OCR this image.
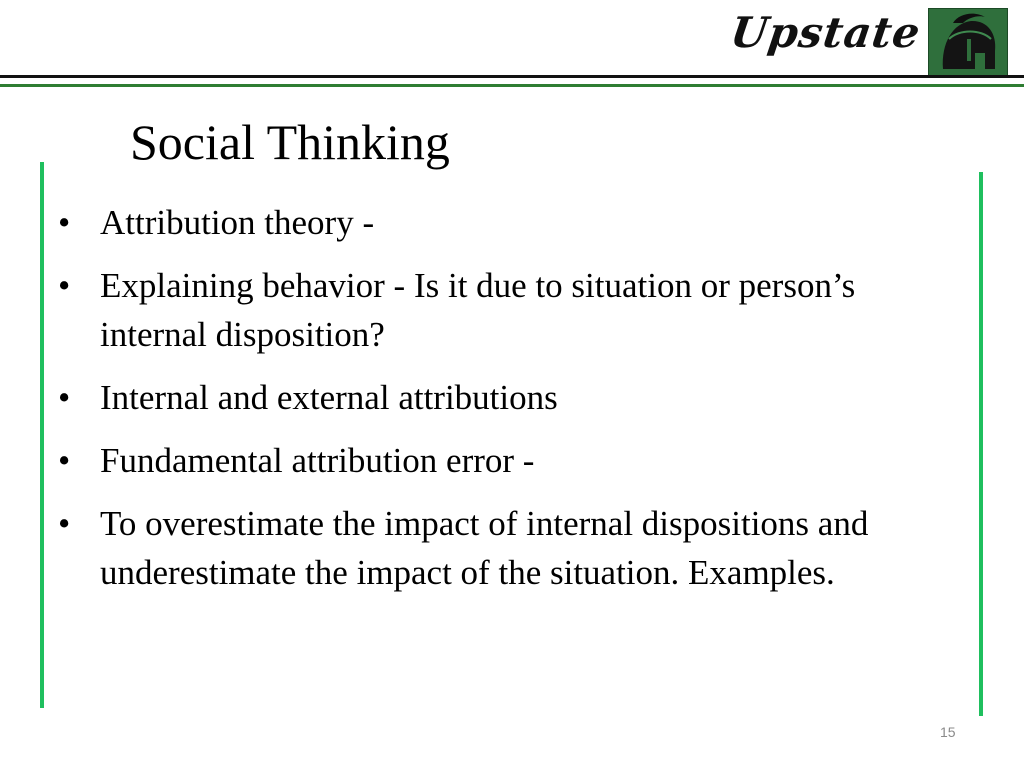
Upstate
Social Thinking
• Attribution theory -
• Explaining behavior - Is it due to situation or person’s internal disposition?
• Internal and external attributions
• Fundamental attribution error -
• To overestimate the impact of internal dispositions and underestimate the impact of the situation. Examples.
15
